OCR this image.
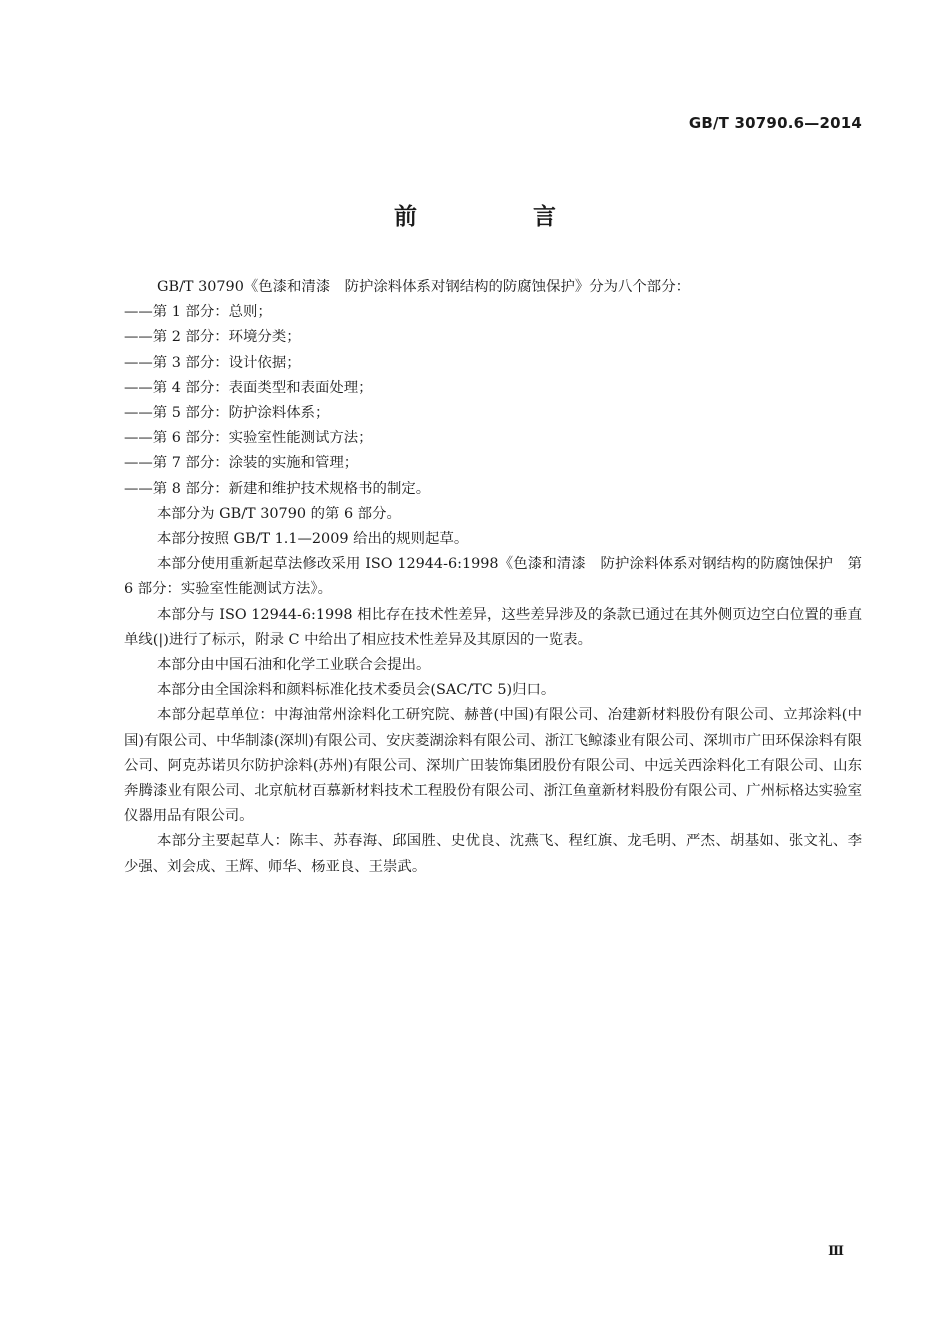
GB/T 30790.6—2014
前 言

GB/T 30790《色漆和清漆　防护涂料体系对钢结构的防腐蚀保护》分为八个部分：

——第 1 部分：总则；

——第 2 部分：环境分类；

——第 3 部分：设计依据；

——第 4 部分：表面类型和表面处理；

——第 5 部分：防护涂料体系；

——第 6 部分：实验室性能测试方法；

——第 7 部分：涂装的实施和管理；

——第 8 部分：新建和维护技术规格书的制定。

本部分为 GB/T 30790 的第 6 部分。

本部分按照 GB/T 1.1—2009 给出的规则起草。

本部分使用重新起草法修改采用 ISO 12944-6:1998《色漆和清漆　防护涂料体系对钢结构的防腐蚀保护　第 6 部分：实验室性能测试方法》。

本部分与 ISO 12944-6:1998 相比存在技术性差异，这些差异涉及的条款已通过在其外侧页边空白位置的垂直单线(|)进行了标示，附录 C 中给出了相应技术性差异及其原因的一览表。

本部分由中国石油和化学工业联合会提出。

本部分由全国涂料和颜料标准化技术委员会(SAC/TC 5)归口。

本部分起草单位：中海油常州涂料化工研究院、赫普(中国)有限公司、冶建新材料股份有限公司、立邦涂料(中国)有限公司、中华制漆(深圳)有限公司、安庆菱湖涂料有限公司、浙江飞鲸漆业有限公司、深圳市广田环保涂料有限公司、阿克苏诺贝尔防护涂料(苏州)有限公司、深圳广田装饰集团股份有限公司、中远关西涂料化工有限公司、山东奔腾漆业有限公司、北京航材百慕新材料技术工程股份有限公司、浙江鱼童新材料股份有限公司、广州标格达实验室仪器用品有限公司。

本部分主要起草人：陈丰、苏春海、邱国胜、史优良、沈燕飞、程红旗、龙毛明、严杰、胡基如、张文礼、李少强、刘会成、王辉、师华、杨亚良、王崇武。

Ⅲ
